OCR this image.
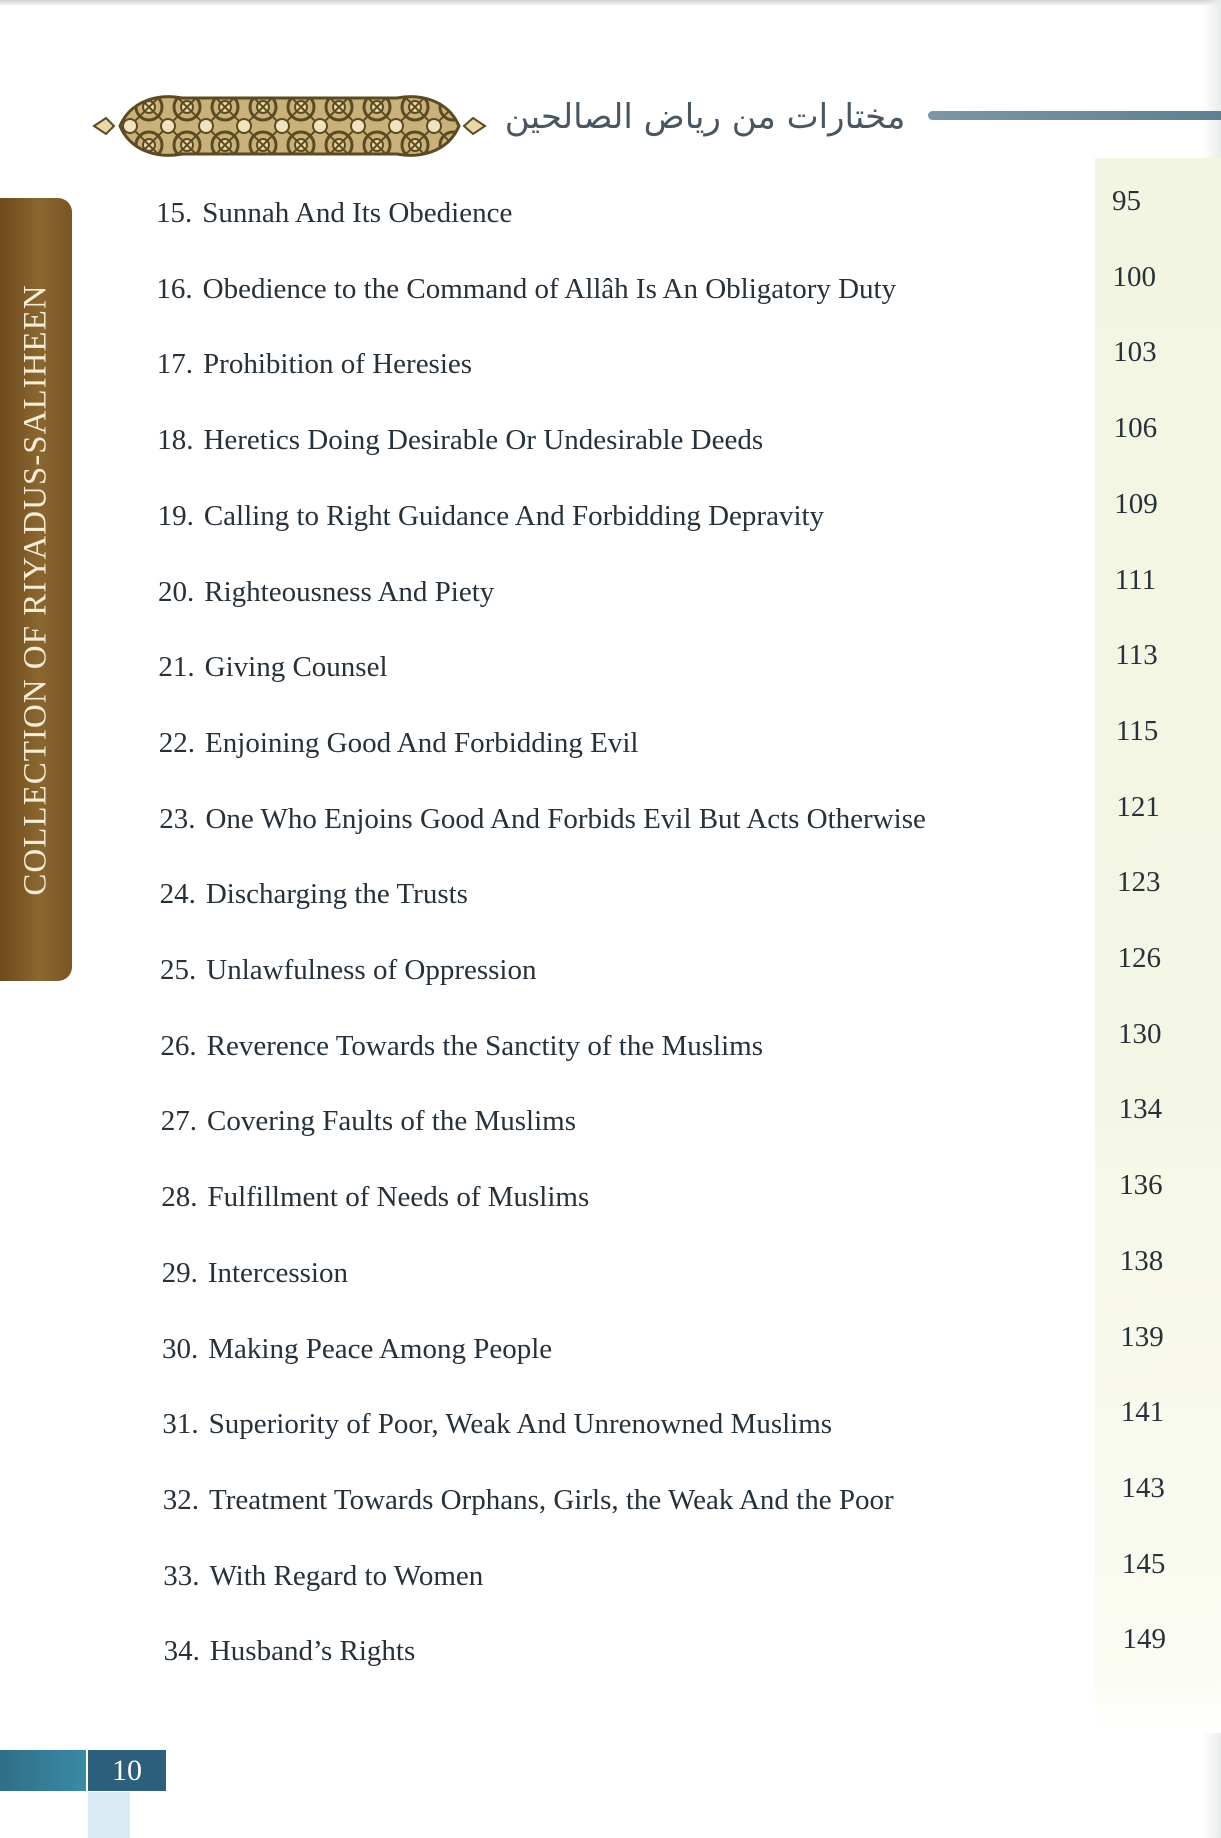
مختارات من رياض الصالحين
COLLECTION OF RIYADUS-SALIHEEN
15. Sunnah And Its Obedience	95
16. Obedience to the Command of Allâh Is An Obligatory Duty	100
17. Prohibition of Heresies	103
18. Heretics Doing Desirable Or Undesirable Deeds	106
19. Calling to Right Guidance And Forbidding Depravity	109
20. Righteousness And Piety	111
21. Giving Counsel	113
22. Enjoining Good And Forbidding Evil	115
23. One Who Enjoins Good And Forbids Evil But Acts Otherwise	121
24. Discharging the Trusts	123
25. Unlawfulness of Oppression	126
26. Reverence Towards the Sanctity of the Muslims	130
27. Covering Faults of the Muslims	134
28. Fulfillment of Needs of Muslims	136
29. Intercession	138
30. Making Peace Among People	139
31. Superiority of Poor, Weak And Unrenowned Muslims	141
32. Treatment Towards Orphans, Girls, the Weak And the Poor	143
33. With Regard to Women	145
34. Husband’s Rights	149
10
